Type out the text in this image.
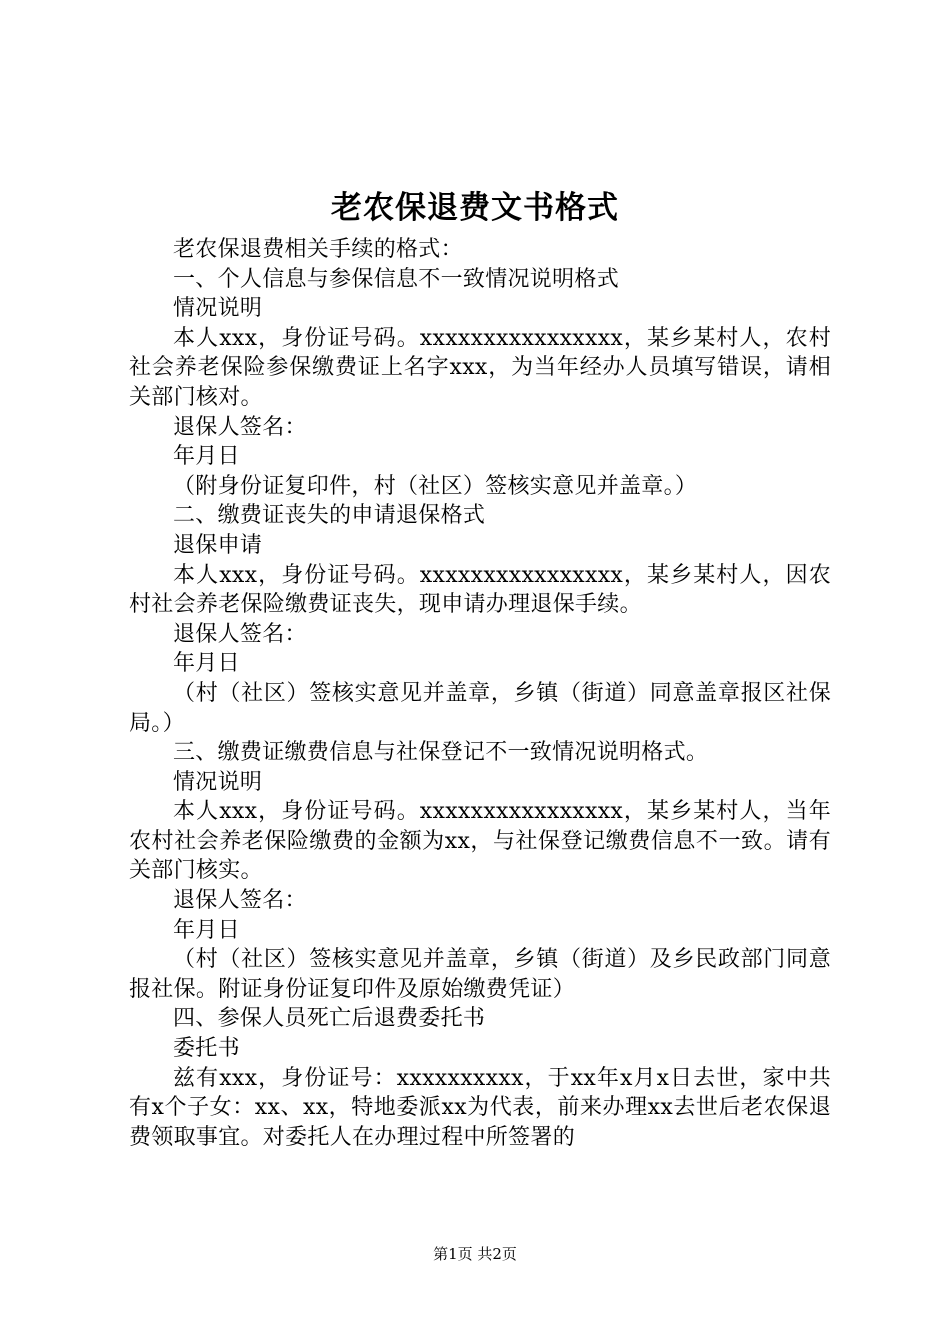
老农保退费文书格式

老农保退费相关手续的格式：

一、个人信息与参保信息不一致情况说明格式

情况说明

本人xxx，身份证号码。xxxxxxxxxxxxxxxx，某乡某村人，农村社会养老保险参保缴费证上名字xxx，为当年经办人员填写错误，请相关部门核对。

退保人签名：

年月日

（附身份证复印件，村（社区）签核实意见并盖章。）

二、缴费证丧失的申请退保格式

退保申请

本人xxx，身份证号码。xxxxxxxxxxxxxxxx，某乡某村人，因农村社会养老保险缴费证丧失，现申请办理退保手续。

退保人签名：

年月日

（村（社区）签核实意见并盖章，乡镇（街道）同意盖章报区社保局。）

三、缴费证缴费信息与社保登记不一致情况说明格式。

情况说明

本人xxx，身份证号码。xxxxxxxxxxxxxxxx，某乡某村人，当年农村社会养老保险缴费的金额为xx，与社保登记缴费信息不一致。请有关部门核实。

退保人签名：

年月日

（村（社区）签核实意见并盖章，乡镇（街道）及乡民政部门同意报社保。附证身份证复印件及原始缴费凭证）

四、参保人员死亡后退费委托书

委托书

兹有xxx，身份证号：xxxxxxxxxx，于xx年x月x日去世，家中共有x个子女：xx、xx，特地委派xx为代表，前来办理xx去世后老农保退费领取事宜。对委托人在办理过程中所签署的

第1页 共2页
